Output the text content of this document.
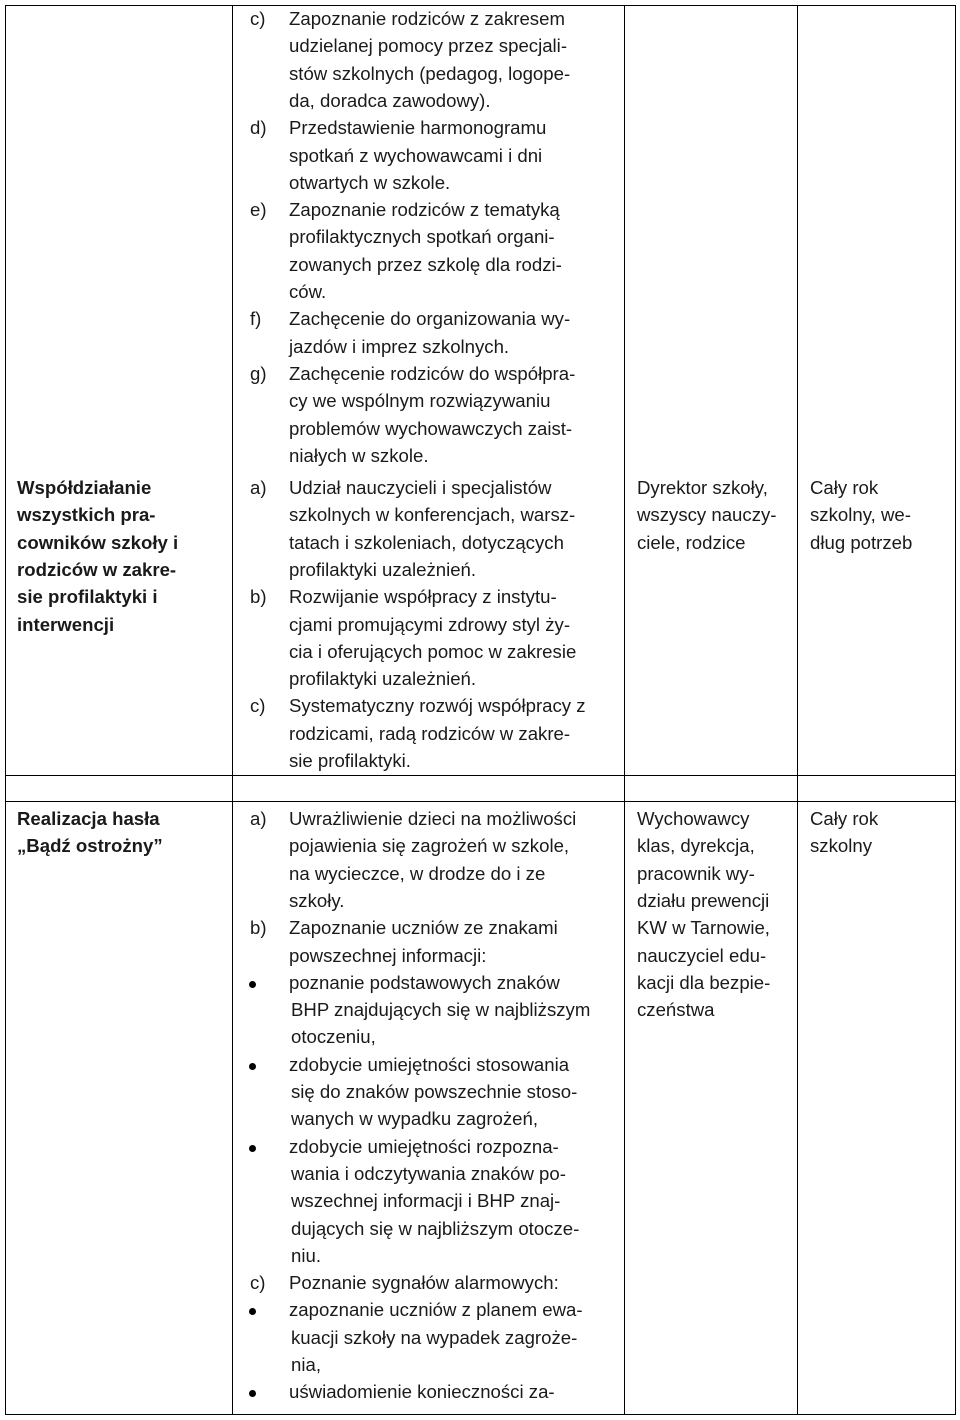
Współdziałanie
wszystkich pra-
cowników szkoły i
rodziców w zakre-
sie profilaktyki i
interwencji
c) Zapoznanie rodziców z zakresem
udzielanej pomocy przez specjali-
stów szkolnych (pedagog, logope-
da, doradca zawodowy).
d) Przedstawienie harmonogramu
spotkań z wychowawcami i dni
otwartych w szkole.
e) Zapoznanie rodziców z tematyką
profilaktycznych spotkań organi-
zowanych przez szkolę dla rodzi-
ców.
f) Zachęcenie do organizowania wy-
jazdów i imprez szkolnych.
g) Zachęcenie rodziców do współpra-
cy we wspólnym rozwiązywaniu
problemów wychowawczych zaist-
niałych w szkole.
a) Udział nauczycieli i specjalistów
szkolnych w konferencjach, warsz-
tatach i szkoleniach, dotyczących
profilaktyki uzależnień.
b) Rozwijanie współpracy z instytu-
cjami promującymi zdrowy styl ży-
cia i oferujących pomoc w zakresie
profilaktyki uzależnień.
c) Systematyczny rozwój współpracy z
rodzicami, radą rodziców w zakre-
sie profilaktyki.
Dyrektor szkoły,
wszyscy nauczy-
ciele, rodzice
Cały rok
szkolny, we-
dług potrzeb
Realizacja hasła
„Bądź ostrożny”
a) Uwrażliwienie dzieci na możliwości
pojawienia się zagrożeń w szkole,
na wycieczce, w drodze do i ze
szkoły.
b) Zapoznanie uczniów ze znakami
powszechnej informacji:
poznanie podstawowych znaków
BHP znajdujących się w najbliższym
otoczeniu,
zdobycie umiejętności stosowania
się do znaków powszechnie stoso-
wanych w wypadku zagrożeń,
zdobycie umiejętności rozpozna-
wania i odczytywania znaków po-
wszechnej informacji i BHP znaj-
dujących się w najbliższym otocze-
niu.
c) Poznanie sygnałów alarmowych:
zapoznanie uczniów z planem ewa-
kuacji szkoły na wypadek zagroże-
nia,
uświadomienie konieczności za-
Wychowawcy
klas, dyrekcja,
pracownik wy-
działu prewencji
KW w Tarnowie,
nauczyciel edu-
kacji dla bezpie-
czeństwa
Cały rok
szkolny
